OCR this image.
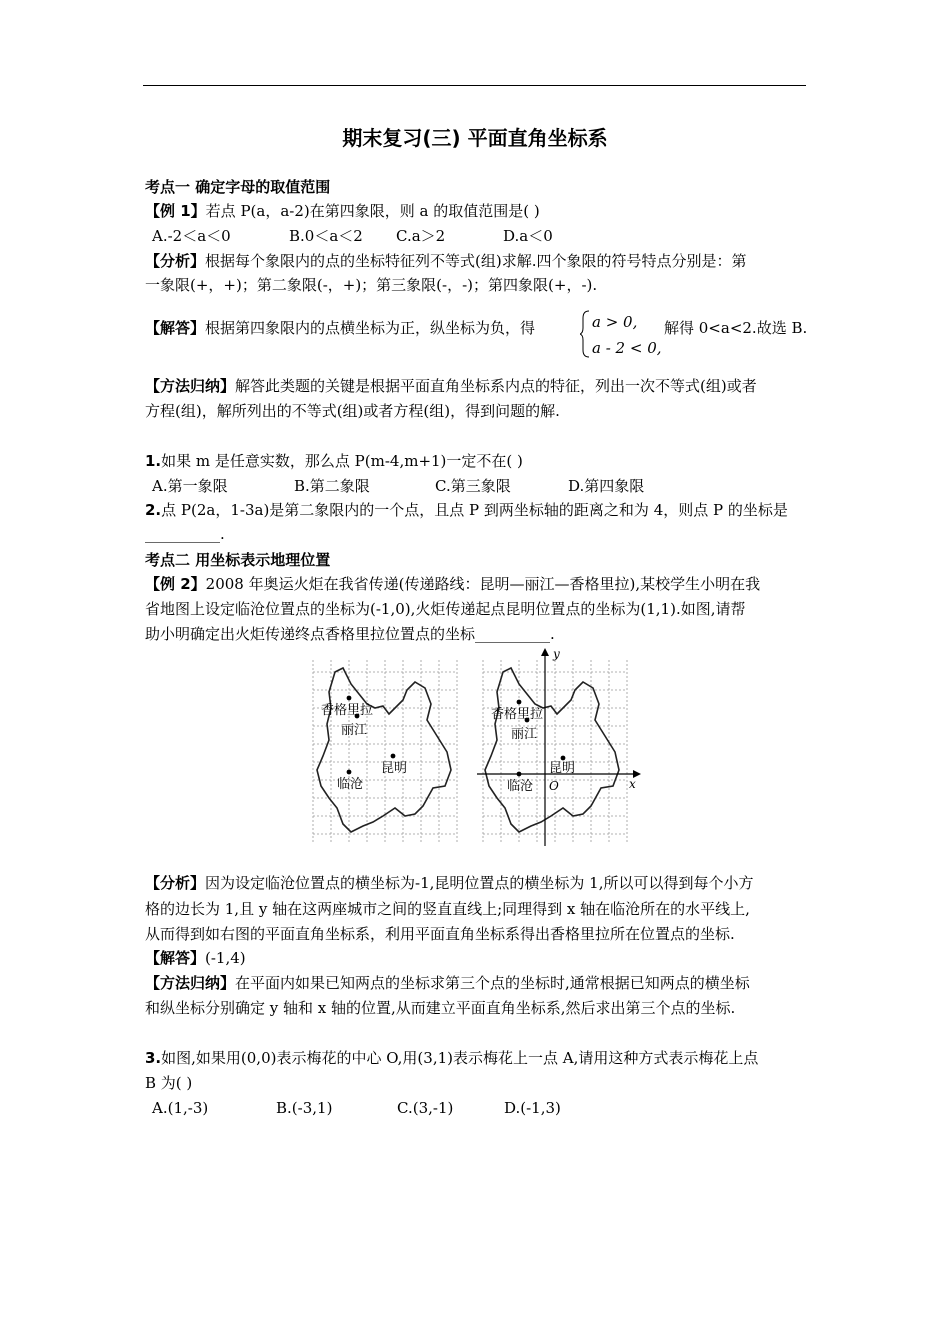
期末复习(三) 平面直角坐标系
考点一 确定字母的取值范围
【例 1】若点 P(a，a-2)在第四象限，则 a 的取值范围是( )
A.-2＜a＜0	B.0＜a＜2	C.a＞2	D.a＜0
【分析】根据每个象限内的点的坐标特征列不等式(组)求解.四个象限的符号特点分别是：第
一象限(+，+)；第二象限(-，+)；第三象限(-，-)；第四象限(+，-).
【解答】根据第四象限内的点横坐标为正，纵坐标为负，得	a > 0,
a - 2 < 0,
解得 0<a<2.故选 B.
【方法归纳】解答此类题的关键是根据平面直角坐标系内点的特征，列出一次不等式(组)或者
方程(组)，解所列出的不等式(组)或者方程(组)，得到问题的解.
1.如果 m 是任意实数，那么点 P(m-4,m+1)一定不在( )
A.第一象限	B.第二象限	C.第三象限	D.第四象限
2.点 P(2a，1-3a)是第二象限内的一个点，且点 P 到两坐标轴的距离之和为 4，则点 P 的坐标是
__________.
考点二 用坐标表示地理位置
【例 2】2008 年奥运火炬在我省传递(传递路线：昆明—丽江—香格里拉),某校学生小明在我
省地图上设定临沧位置点的坐标为(-1,0),火炬传递起点昆明位置点的坐标为(1,1).如图,请帮
助小明确定出火炬传递终点香格里拉位置点的坐标__________.
香格里拉
丽江
昆明
临沧
香格里拉
丽江
昆明
临沧 O	x
y
【分析】因为设定临沧位置点的横坐标为-1,昆明位置点的横坐标为 1,所以可以得到每个小方
格的边长为 1,且 y 轴在这两座城市之间的竖直直线上;同理得到 x 轴在临沧所在的水平线上,
从而得到如右图的平面直角坐标系，利用平面直角坐标系得出香格里拉所在位置点的坐标.
【解答】(-1,4)
【方法归纳】在平面内如果已知两点的坐标求第三个点的坐标时,通常根据已知两点的横坐标
和纵坐标分别确定 y 轴和 x 轴的位置,从而建立平面直角坐标系,然后求出第三个点的坐标.
3.如图,如果用(0,0)表示梅花的中心 O,用(3,1)表示梅花上一点 A,请用这种方式表示梅花上点
B 为( )
A.(1,-3)	B.(-3,1)	C.(3,-1)	D.(-1,3)
